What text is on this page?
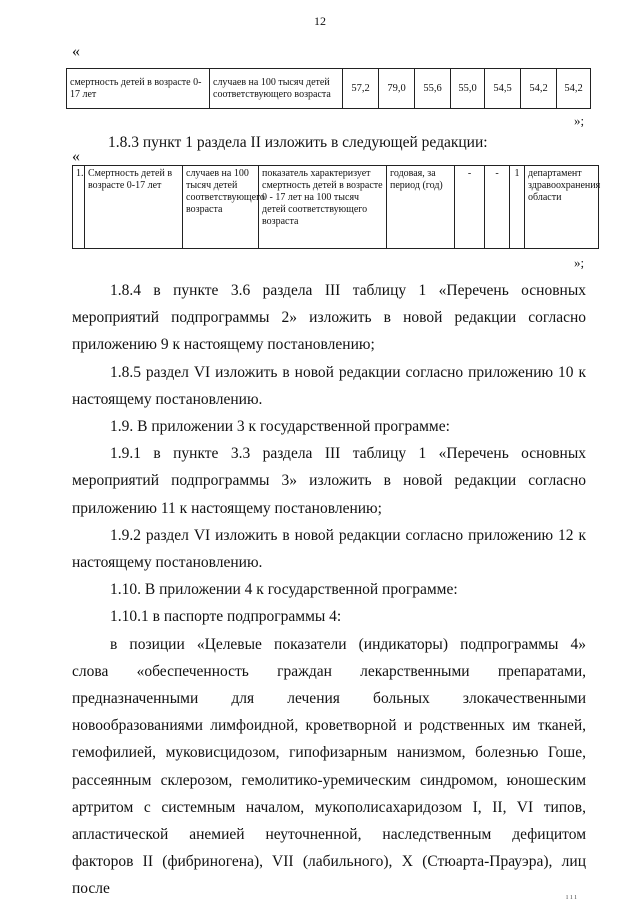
12
«
смертность детей в возрасте 0-17 лет	случаев на 100 тысяч детей соответствующего возраста	57,2	79,0	55,6	55,0	54,5	54,2	54,2
»;
1.8.3 пункт 1 раздела II изложить в следующей редакции:
«
1.	Смертность детей в возрасте 0-17 лет	случаев на 100 тысяч детей соответствующего возраста	показатель характеризует смертность детей в возрасте 0 - 17 лет на 100 тысяч детей соответствующего возраста	годовая, за период (год)	-	-	1	департамент здравоохранения области
»;

1.8.4 в пункте 3.6 раздела III таблицу 1 «Перечень основных мероприятий подпрограммы 2» изложить в новой редакции согласно приложению 9 к настоящему постановлению;

1.8.5 раздел VI изложить в новой редакции согласно приложению 10 к настоящему постановлению.

1.9. В приложении 3 к государственной программе:

1.9.1 в пункте 3.3 раздела III таблицу 1 «Перечень основных мероприятий подпрограммы 3» изложить в новой редакции согласно приложению 11 к настоящему постановлению;

1.9.2 раздел VI изложить в новой редакции согласно приложению 12 к настоящему постановлению.

1.10. В приложении 4 к государственной программе:

1.10.1 в паспорте подпрограммы 4:

в позиции «Целевые показатели (индикаторы) подпрограммы 4» слова «обеспеченность граждан лекарственными препаратами, предназначенными для лечения больных злокачественными новообразованиями лимфоидной, кроветворной и родственных им тканей, гемофилией, муковисцидозом, гипофизарным нанизмом, болезнью Гоше, рассеянным склерозом, гемолитико-уремическим синдромом, юношеским артритом с системным началом, мукополисахаридозом I, II, VI типов, апластической анемией неуточненной, наследственным дефицитом факторов II (фибриногена), VII (лабильного), X (Стюарта-Прауэра), лиц после	ııı
